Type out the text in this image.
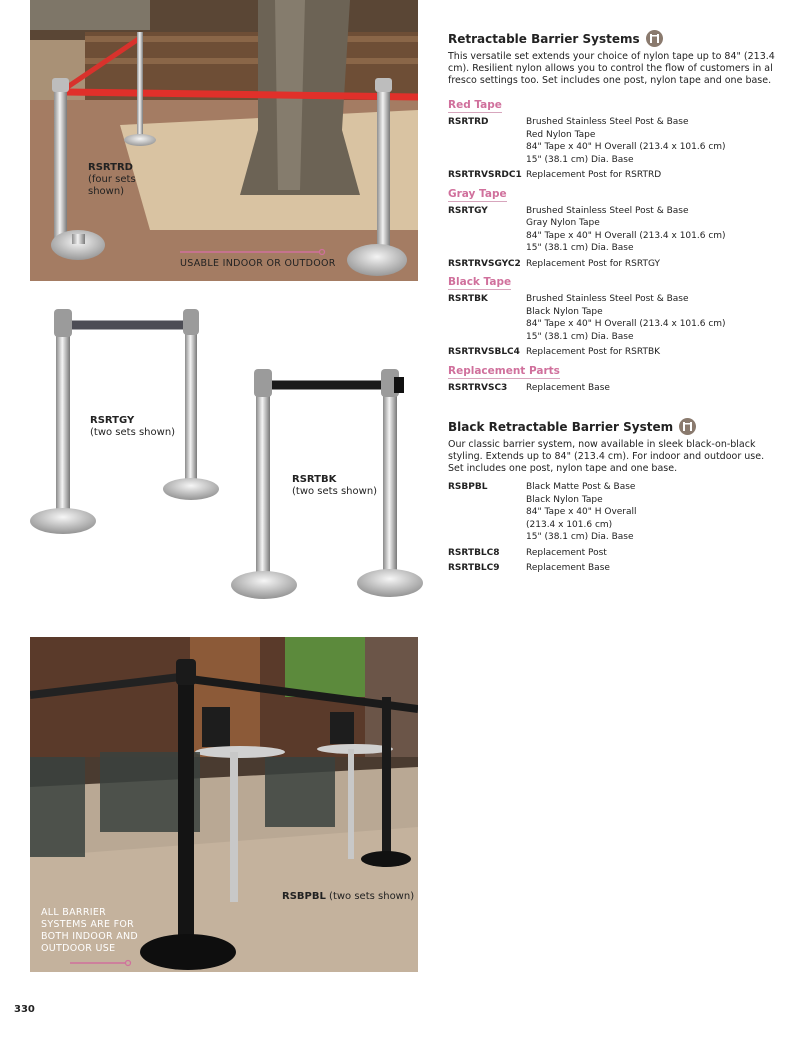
RSRTRD
(four sets
shown)
USABLE INDOOR OR OUTDOOR
RSRTGY
(two sets shown)
RSRTBK
(two sets shown)
RSBPBL (two sets shown)
ALL BARRIER
SYSTEMS ARE FOR
BOTH INDOOR AND
OUTDOOR USE
Retractable Barrier Systems
This versatile set extends your choice of nylon tape up to 84" (213.4 cm). Resilient nylon allows you to control the flow of customers in al fresco settings too. Set includes one post, nylon tape and one base.
Red Tape
RSRTRD	Brushed Stainless Steel Post & Base
Red Nylon Tape
84" Tape x 40" H Overall (213.4 x 101.6 cm)
15" (38.1 cm) Dia. Base
RSRTRVSRDC1 Replacement Post for RSRTRD
Gray Tape
RSRTGY	Brushed Stainless Steel Post & Base
Gray Nylon Tape
84" Tape x 40" H Overall (213.4 x 101.6 cm)
15" (38.1 cm) Dia. Base
RSRTRVSGYC2 Replacement Post for RSRTGY
Black Tape
RSRTBK	Brushed Stainless Steel Post & Base
Black Nylon Tape
84" Tape x 40" H Overall (213.4 x 101.6 cm)
15" (38.1 cm) Dia. Base
RSRTRVSBLC4 Replacement Post for RSRTBK
Replacement Parts
RSRTRVSC3	Replacement Base
Black Retractable Barrier System
Our classic barrier system, now available in sleek black-on-black styling. Extends up to 84" (213.4 cm). For indoor and outdoor use. Set includes one post, nylon tape and one base.
RSBPBL	Black Matte Post & Base
Black Nylon Tape
84" Tape x 40" H Overall
(213.4 x 101.6 cm)
15" (38.1 cm) Dia. Base
RSRTBLC8	Replacement Post
RSRTBLC9	Replacement Base
330
